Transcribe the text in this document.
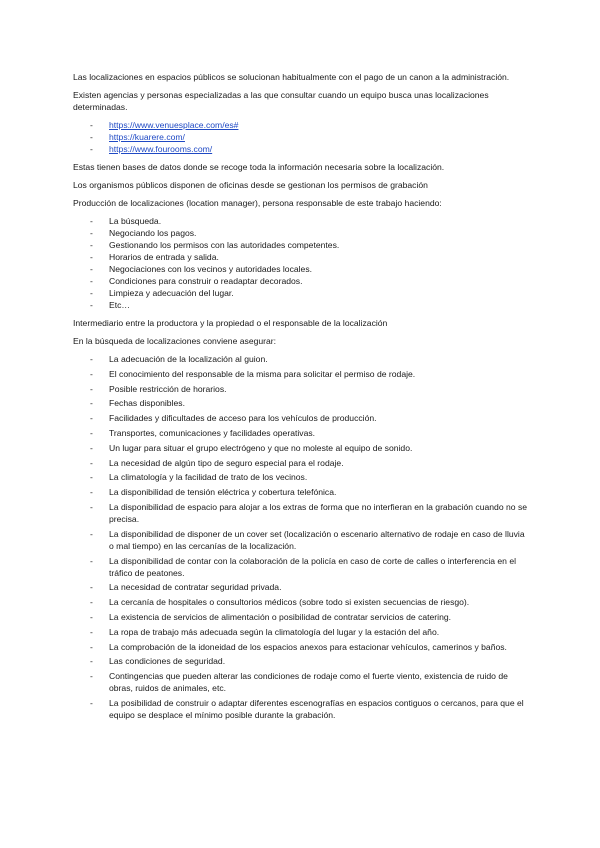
Las localizaciones en espacios públicos se solucionan habitualmente con el pago de un canon a la administración.

Existen agencias y personas especializadas a las que consultar cuando un equipo busca unas localizaciones determinadas.

- https://www.venuesplace.com/es#
- https://kuarere.com/
- https://www.fourooms.com/

Estas tienen bases de datos donde se recoge toda la información necesaria sobre la localización.

Los organismos públicos disponen de oficinas desde se gestionan los permisos de grabación

Producción de localizaciones (location manager), persona responsable de este trabajo haciendo:

- La búsqueda.
- Negociando los pagos.
- Gestionando los permisos con las autoridades competentes.
- Horarios de entrada y salida.
- Negociaciones con los vecinos y autoridades locales.
- Condiciones para construir o readaptar decorados.
- Limpieza y adecuación del lugar.
- Etc…

Intermediario entre la productora y la propiedad o el responsable de la localización

En la búsqueda de localizaciones conviene asegurar:

- La adecuación de la localización al guion.
- El conocimiento del responsable de la misma para solicitar el permiso de rodaje.
- Posible restricción de horarios.
- Fechas disponibles.
- Facilidades y dificultades de acceso para los vehículos de producción.
- Transportes, comunicaciones y facilidades operativas.
- Un lugar para situar el grupo electrógeno y que no moleste al equipo de sonido.
- La necesidad de algún tipo de seguro especial para el rodaje.
- La climatología y la facilidad de trato de los vecinos.
- La disponibilidad de tensión eléctrica y cobertura telefónica.
- La disponibilidad de espacio para alojar a los extras de forma que no interfieran en la grabación cuando no se precisa.
- La disponibilidad de disponer de un cover set (localización o escenario alternativo de rodaje en caso de lluvia o mal tiempo) en las cercanías de la localización.
- La disponibilidad de contar con la colaboración de la policía en caso de corte de calles o interferencia en el tráfico de peatones.
- La necesidad de contratar seguridad privada.
- La cercanía de hospitales o consultorios médicos (sobre todo si existen secuencias de riesgo).
- La existencia de servicios de alimentación o posibilidad de contratar servicios de catering.
- La ropa de trabajo más adecuada según la climatología del lugar y la estación del año.
- La comprobación de la idoneidad de los espacios anexos para estacionar vehículos, camerinos y baños.
- Las condiciones de seguridad.
- Contingencias que pueden alterar las condiciones de rodaje como el fuerte viento, existencia de ruido de obras, ruidos de animales, etc.
- La posibilidad de construir o adaptar diferentes escenografías en espacios contiguos o cercanos, para que el equipo se desplace el mínimo posible durante la grabación.
